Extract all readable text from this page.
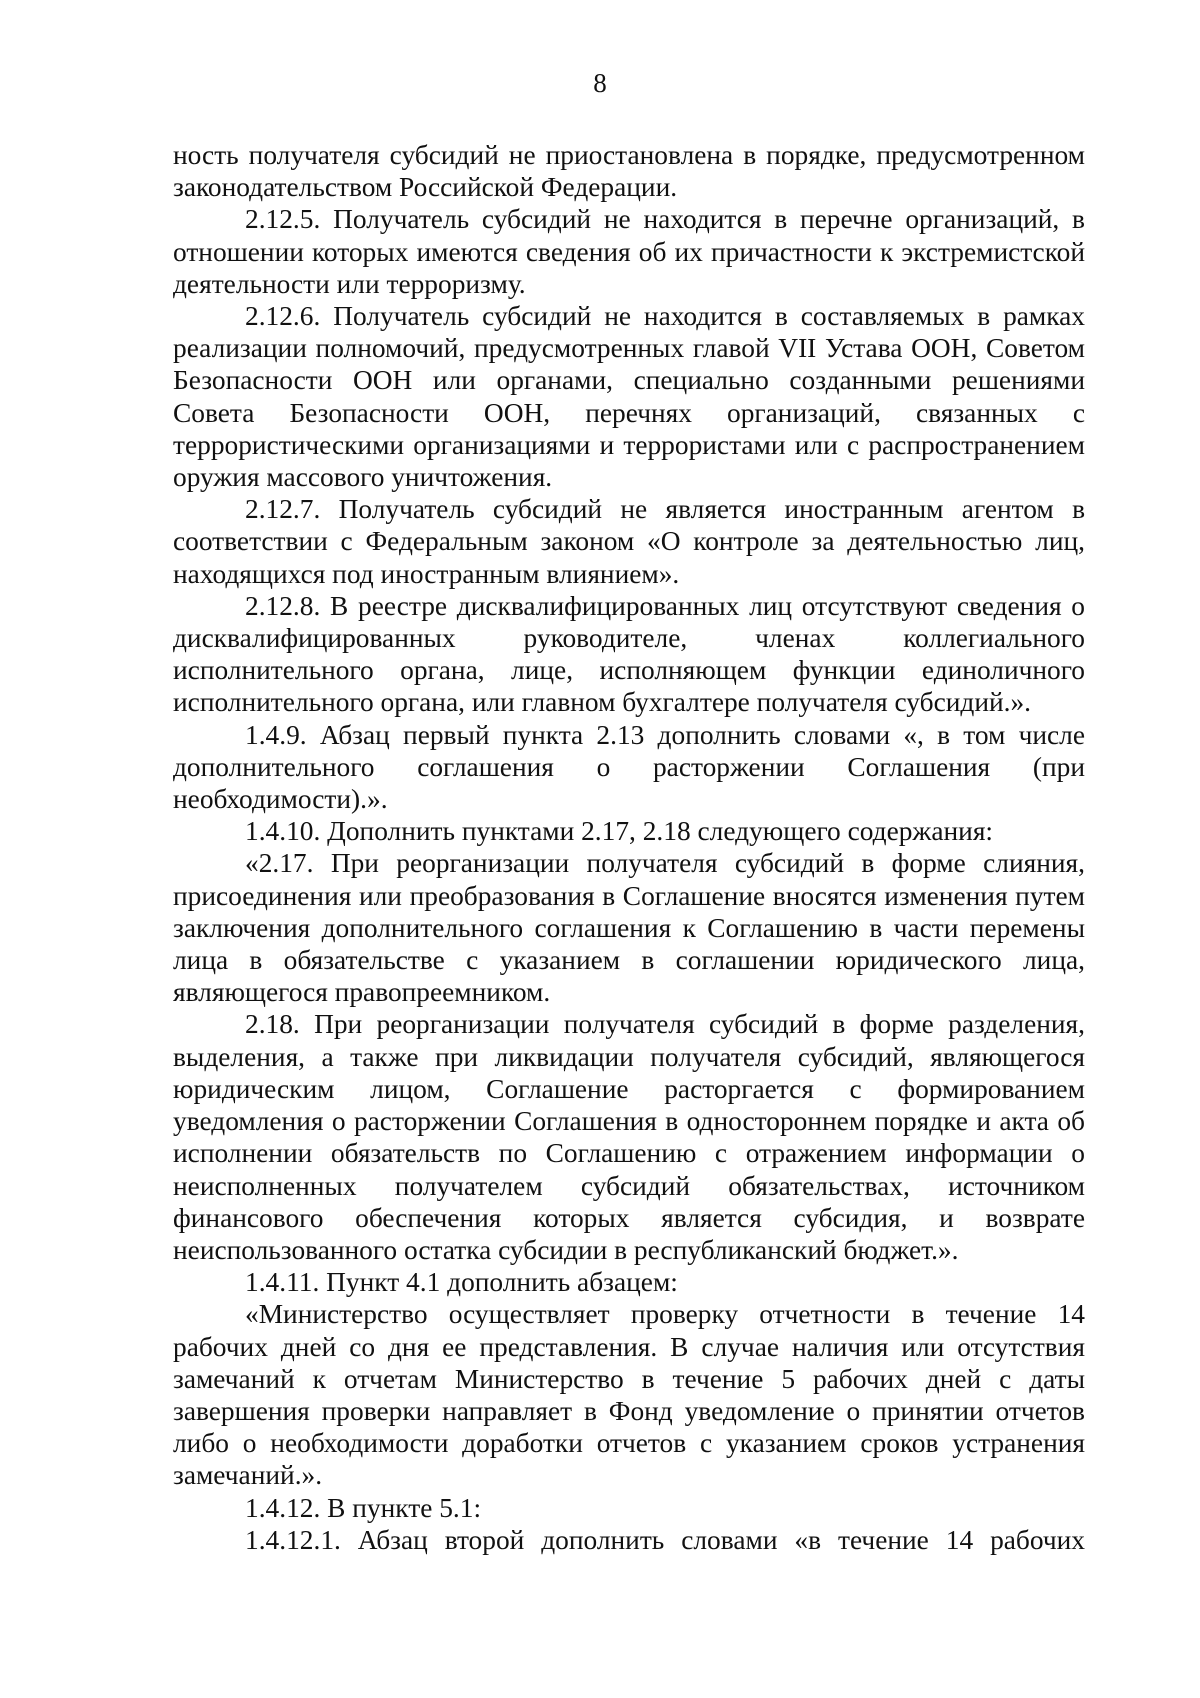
8

ность получателя субсидий не приостановлена в порядке, предусмотренном законодательством Российской Федерации.

2.12.5. Получатель субсидий не находится в перечне организаций, в отношении которых имеются сведения об их причастности к экстремистской деятельности или терроризму.

2.12.6. Получатель субсидий не находится в составляемых в рамках реализации полномочий, предусмотренных главой VII Устава ООН, Советом Безопасности ООН или органами, специально созданными решениями Совета Безопасности ООН, перечнях организаций, связанных с террористическими организациями и террористами или с распространением оружия массового уничтожения.

2.12.7. Получатель субсидий не является иностранным агентом в соответствии с Федеральным законом «О контроле за деятельностью лиц, находящихся под иностранным влиянием».

2.12.8. В реестре дисквалифицированных лиц отсутствуют сведения о дисквалифицированных руководителе, членах коллегиального исполнительного органа, лице, исполняющем функции единоличного исполнительного органа, или главном бухгалтере получателя субсидий.».

1.4.9. Абзац первый пункта 2.13 дополнить словами «, в том числе дополнительного соглашения о расторжении Соглашения (при необходимости).».

1.4.10. Дополнить пунктами 2.17, 2.18 следующего содержания:

«2.17. При реорганизации получателя субсидий в форме слияния, присоединения или преобразования в Соглашение вносятся изменения путем заключения дополнительного соглашения к Соглашению в части перемены лица в обязательстве с указанием в соглашении юридического лица, являющегося правопреемником.

2.18. При реорганизации получателя субсидий в форме разделения, выделения, а также при ликвидации получателя субсидий, являющегося юридическим лицом, Соглашение расторгается с формированием уведомления о расторжении Соглашения в одностороннем порядке и акта об исполнении обязательств по Соглашению с отражением информации о неисполненных получателем субсидий обязательствах, источником финансового обеспечения которых является субсидия, и возврате неиспользованного остатка субсидии в республиканский бюджет.».

1.4.11. Пункт 4.1 дополнить абзацем:

«Министерство осуществляет проверку отчетности в течение 14 рабочих дней со дня ее представления. В случае наличия или отсутствия замечаний к отчетам Министерство в течение 5 рабочих дней с даты завершения проверки направляет в Фонд уведомление о принятии отчетов либо о необходимости доработки отчетов с указанием сроков устранения замечаний.».

1.4.12. В пункте 5.1:

1.4.12.1. Абзац второй дополнить словами «в течение 14 рабочих
